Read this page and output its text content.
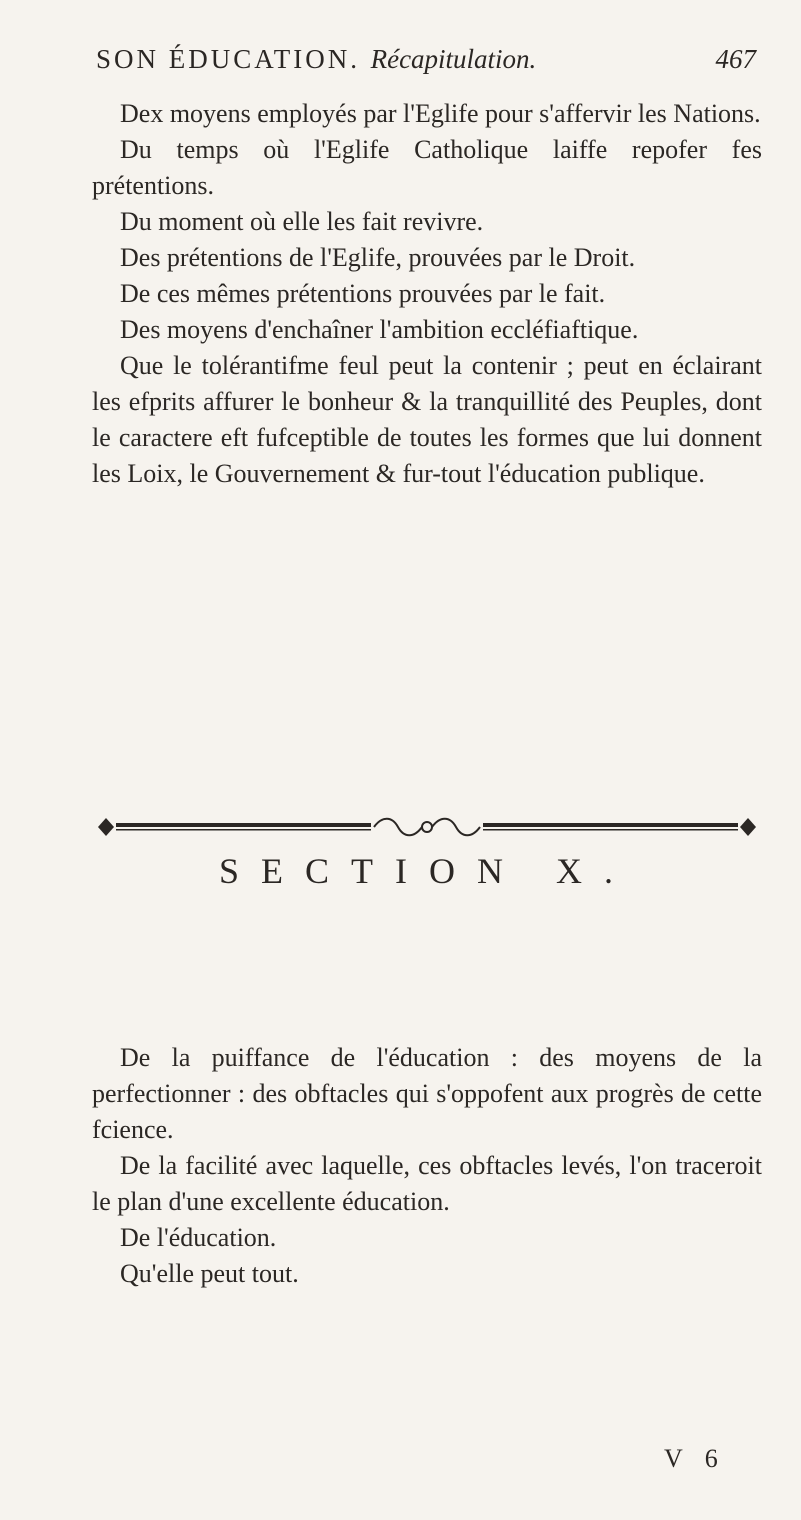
SON ÉDUCATION. Récapitulation.	467

Dex moyens employés par l'Eglife pour s'affervir les Nations.

Du temps où l'Eglife Catholique laiffe repofer fes prétentions.

Du moment où elle les fait revivre.

Des prétentions de l'Eglife, prouvées par le Droit.

De ces mêmes prétentions prouvées par le fait.

Des moyens d'enchaîner l'ambition eccléfiaftique.

Que le tolérantifme feul peut la contenir ; peut en éclairant les efprits affurer le bonheur & la tranquillité des Peuples, dont le caractere eft fufceptible de toutes les formes que lui donnent les Loix, le Gouvernement & fur-tout l'éducation publique.

SECTION X.

De la puiffance de l'éducation : des moyens de la perfectionner : des obftacles qui s'oppofent aux progrès de cette fcience.

De la facilité avec laquelle, ces obftacles levés, l'on traceroit le plan d'une excellente éducation.

De l'éducation.

Qu'elle peut tout.

V 6
